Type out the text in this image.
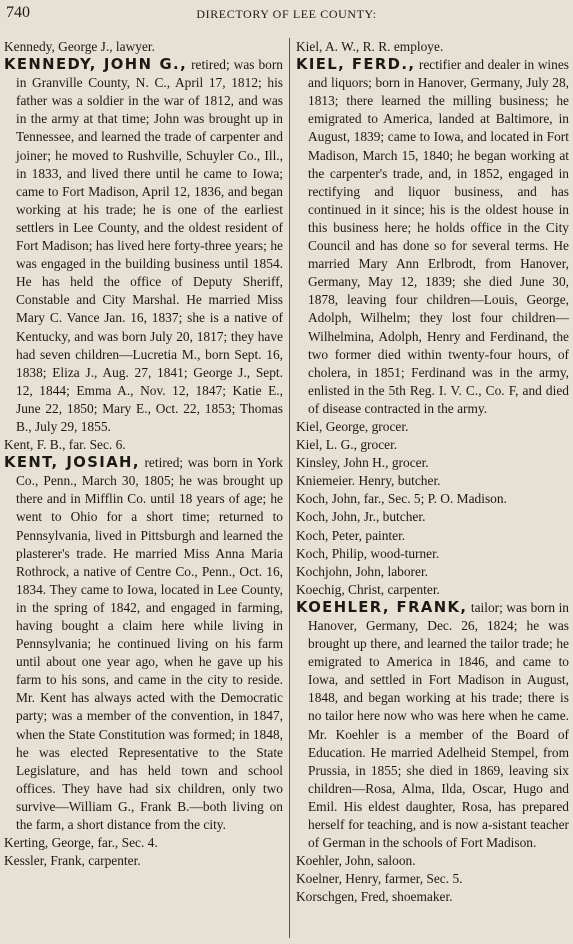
740	DIRECTORY OF LEE COUNTY:

Kennedy, George J., lawyer.

KENNEDY, JOHN G., retired; was born in Granville County, N. C., April 17, 1812; his father was a soldier in the war of 1812, and was in the army at that time; John was brought up in Tennessee, and learned the trade of carpenter and joiner; he moved to Rushville, Schuyler Co., Ill., in 1833, and lived there until he came to Iowa; came to Fort Madison, April 12, 1836, and began working at his trade; he is one of the earliest settlers in Lee County, and the oldest resident of Fort Madison; has lived here forty-three years; he was engaged in the building business until 1854. He has held the office of Deputy Sheriff, Constable and City Marshal. He married Miss Mary C. Vance Jan. 16, 1837; she is a native of Kentucky, and was born July 20, 1817; they have had seven children—Lucretia M., born Sept. 16, 1838; Eliza J., Aug. 27, 1841; George J., Sept. 12, 1844; Emma A., Nov. 12, 1847; Katie E., June 22, 1850; Mary E., Oct. 22, 1853; Thomas B., July 29, 1855.

Kent, F. B., far. Sec. 6.

KENT, JOSIAH, retired; was born in York Co., Penn., March 30, 1805; he was brought up there and in Mifflin Co. until 18 years of age; he went to Ohio for a short time; returned to Pennsylvania, lived in Pittsburgh and learned the plasterer's trade. He married Miss Anna Maria Rothrock, a native of Centre Co., Penn., Oct. 16, 1834. They came to Iowa, located in Lee County, in the spring of 1842, and engaged in farming, having bought a claim here while living in Pennsylvania; he continued living on his farm until about one year ago, when he gave up his farm to his sons, and came in the city to reside. Mr. Kent has always acted with the Democratic party; was a member of the convention, in 1847, when the State Constitution was formed; in 1848, he was elected Representative to the State Legislature, and has held town and school offices. They have had six children, only two survive—William G., Frank B.—both living on the farm, a short distance from the city.

Kerting, George, far., Sec. 4.

Kessler, Frank, carpenter.

Kiel, A. W., R. R. employe.

KIEL, FERD., rectifier and dealer in wines and liquors; born in Hanover, Germany, July 28, 1813; there learned the milling business; he emigrated to America, landed at Baltimore, in August, 1839; came to Iowa, and located in Fort Madison, March 15, 1840; he began working at the carpenter's trade, and, in 1852, engaged in rectifying and liquor business, and has continued in it since; his is the oldest house in this business here; he holds office in the City Council and has done so for several terms. He married Mary Ann Erlbrodt, from Hanover, Germany, May 12, 1839; she died June 30, 1878, leaving four children—Louis, George, Adolph, Wilhelm; they lost four children—Wilhelmina, Adolph, Henry and Ferdinand, the two former died within twenty-four hours, of cholera, in 1851; Ferdinand was in the army, enlisted in the 5th Reg. I. V. C., Co. F, and died of disease contracted in the army.

Kiel, George, grocer.

Kiel, L. G., grocer.

Kinsley, John H., grocer.

Kniemeier. Henry, butcher.

Koch, John, far., Sec. 5; P. O. Madison.

Koch, John, Jr., butcher.

Koch, Peter, painter.

Koch, Philip, wood-turner.

Kochjohn, John, laborer.

Koechig, Christ, carpenter.

KOEHLER, FRANK, tailor; was born in Hanover, Germany, Dec. 26, 1824; he was brought up there, and learned the tailor trade; he emigrated to America in 1846, and came to Iowa, and settled in Fort Madison in August, 1848, and began working at his trade; there is no tailor here now who was here when he came. Mr. Koehler is a member of the Board of Education. He married Adelheid Stempel, from Prussia, in 1855; she died in 1869, leaving six children—Rosa, Alma, Ilda, Oscar, Hugo and Emil. His eldest daughter, Rosa, has prepared herself for teaching, and is now a-sistant teacher of German in the schools of Fort Madison.

Koehler, John, saloon.

Koelner, Henry, farmer, Sec. 5.

Korschgen, Fred, shoemaker.
